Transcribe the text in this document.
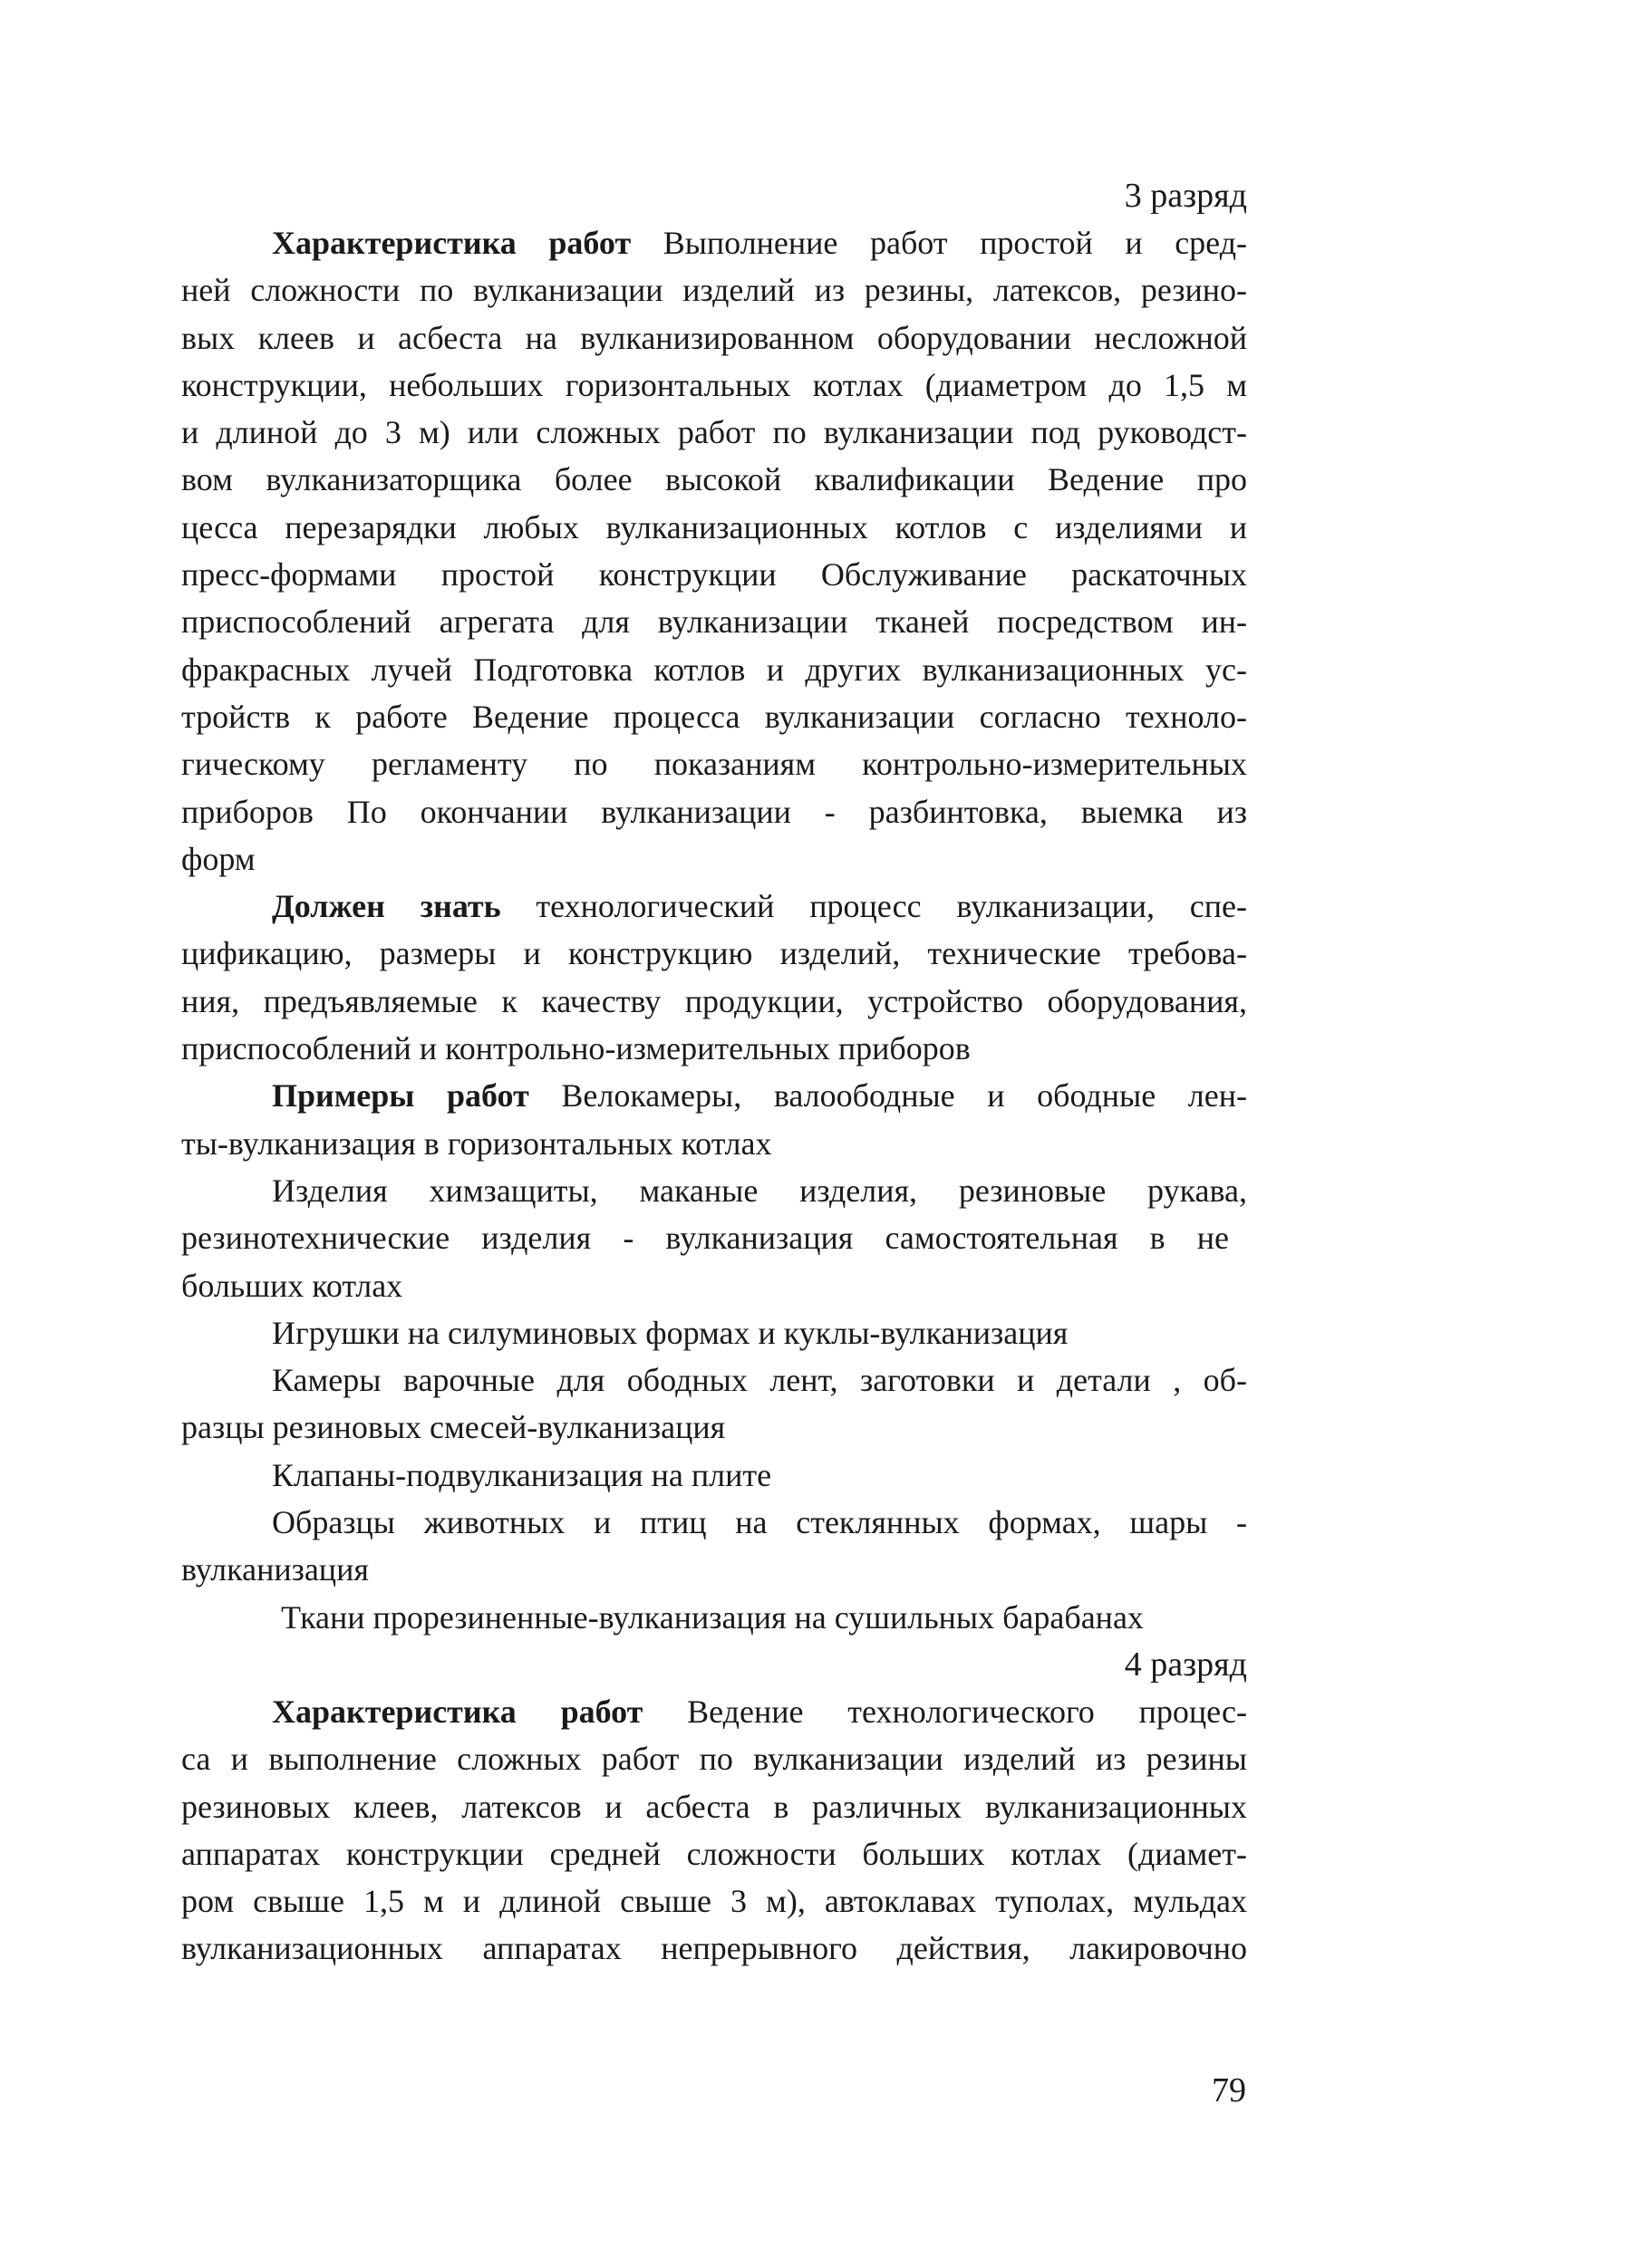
3 разряд
Характеристика работ Выполнение работ простой и сред-
ней сложности по вулканизации изделий из резины, латексов, резино-
вых клеев и асбеста на вулканизированном оборудовании несложной
конструкции, небольших горизонтальных котлах (диаметром до 1,5 м
и длиной до 3 м) или сложных работ по вулканизации под руководст-
вом вулканизаторщика более высокой квалификации Ведение про
цесса перезарядки любых вулканизационных котлов с изделиями и
пресс-формами простой конструкции Обслуживание раскаточных
приспособлений агрегата для вулканизации тканей посредством ин-
фракрасных лучей Подготовка котлов и других вулканизационных ус-
тройств к работе Ведение процесса вулканизации согласно техноло-
гическому регламенту по показаниям контрольно-измерительных
приборов По окончании вулканизации - разбинтовка, выемка из
форм
Должен знать технологический процесс вулканизации, спе-
цификацию, размеры и конструкцию изделий, технические требова-
ния, предъявляемые к качеству продукции, устройство оборудования,
приспособлений и контрольно-измерительных приборов
Примеры работ Велокамеры, валоободные и ободные лен-
ты-вулканизация в горизонтальных котлах
Изделия химзащиты, маканые изделия, резиновые рукава,
резинотехнические изделия - вулканизация самостоятельная в не
больших котлах
Игрушки на силуминовых формах и куклы-вулканизация
Камеры варочные для ободных лент, заготовки и детали , об-
разцы резиновых смесей-вулканизация
Клапаны-подвулканизация на плите
Образцы животных и птиц на стеклянных формах, шары -
вулканизация
Ткани прорезиненные-вулканизация на сушильных барабанах
4 разряд
Характеристика работ Ведение технологического процес-
са и выполнение сложных работ по вулканизации изделий из резины
резиновых клеев, латексов и асбеста в различных вулканизационных
аппаратах конструкции средней сложности больших котлах (диамет-
ром свыше 1,5 м и длиной свыше 3 м), автоклавах туполах, мульдах
вулканизационных аппаратах непрерывного действия, лакировочно
79
